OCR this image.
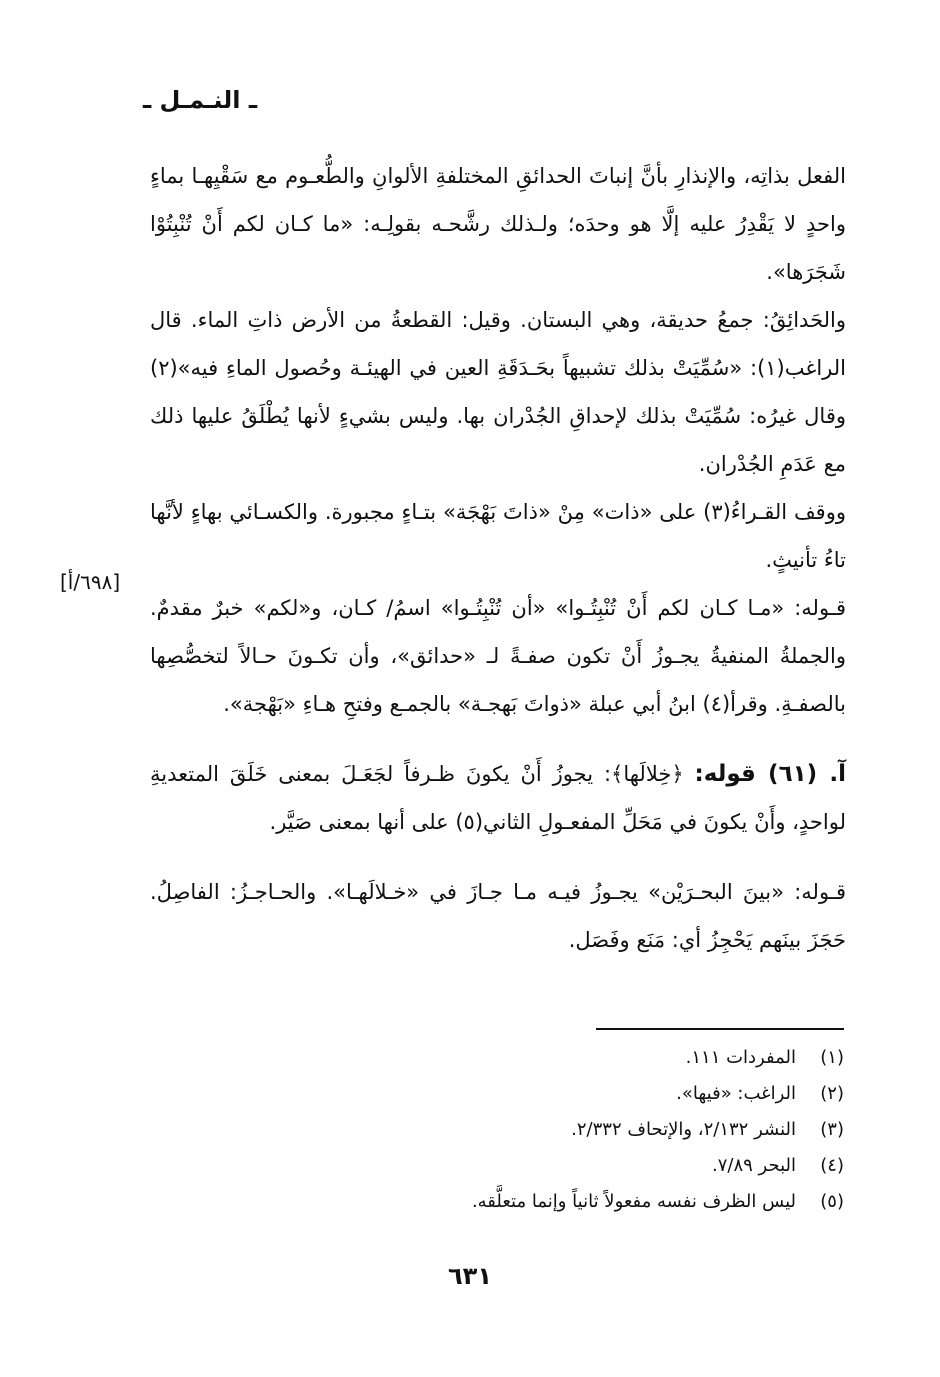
ـ النـمـل ـ
[٦٩٨/أ]

الفعل بذاتِه، والإنذارِ بأنَّ إنباتَ الحدائقِ المختلفةِ الألوانِ والطُّعـوم مع سَقْيِهـا بماءٍ واحدٍ لا يَقْدِرُ عليه إلَّا هو وحدَه؛ ولـذلك رشَّحـه بقولِـه: «ما كـان لكم أَنْ تُنْبِتُوْا شَجَرَها».

والحَدائِقُ: جمعُ حديقة، وهي البستان. وقيل: القطعةُ من الأرض ذاتِ الماء. قال الراغب(١): «سُمِّيَتْ بذلك تشبيهاً بحَـدَقَةِ العين في الهيئـة وحُصول الماءِ فيه»(٢) وقال غيرُه: سُمِّيَتْ بذلك لإحداقِ الجُدْران بها. وليس بشيءٍ لأنها يُطْلَقُ عليها ذلك مع عَدَمِ الجُدْران.

ووقف القـراءُ(٣) على «ذات» مِنْ «ذاتَ بَهْجَة» بتـاءٍ مجبورة. والكسـائي بهاءٍ لأنَّها تاءُ تأنيثٍ.

قـوله: «مـا كـان لكم أَنْ تُنْبِتُـوا» «أن تُنْبِتُـوا» اسمُ/ كـان، و«لكم» خبرٌ مقدمٌ. والجملةُ المنفيةُ يجـوزُ أَنْ تكون صفـةً لـ «حدائق»، وأن تكـونَ حـالاً لتخصُّصِها بالصفـةِ. وقرأ(٤) ابنُ أبي عبلة «ذواتَ بَهجـة» بالجمـع وفتحِ هـاءِ «بَهْجة».

آ. (٦١) قوله: ﴿خِلالَها﴾: يجوزُ أَنْ يكونَ ظـرفاً لجَعَـلَ بمعنى خَلَقَ المتعديةِ لواحدٍ، وأَنْ يكونَ في مَحَلِّ المفعـولِ الثاني(٥) على أنها بمعنى صَيَّر.

قـوله: «بينَ البحـرَيْن» يجـوزُ فيـه مـا جـازَ في «خـلالَهـا». والحـاجـزُ: الفاصِلُ. حَجَزَ بينَهم يَحْجِزُ أي: مَنَع وفَصَل.

(١)
المفردات ١١١.
(٢)
الراغب: «فيها».
(٣)
النشر ٢/١٣٢، والإتحاف ٢/٣٣٢.
(٤)
البحر ٧/٨٩.
(٥)
ليس الظرف نفسه مفعولاً ثانياً وإنما متعلَّقه.
٦٣١
